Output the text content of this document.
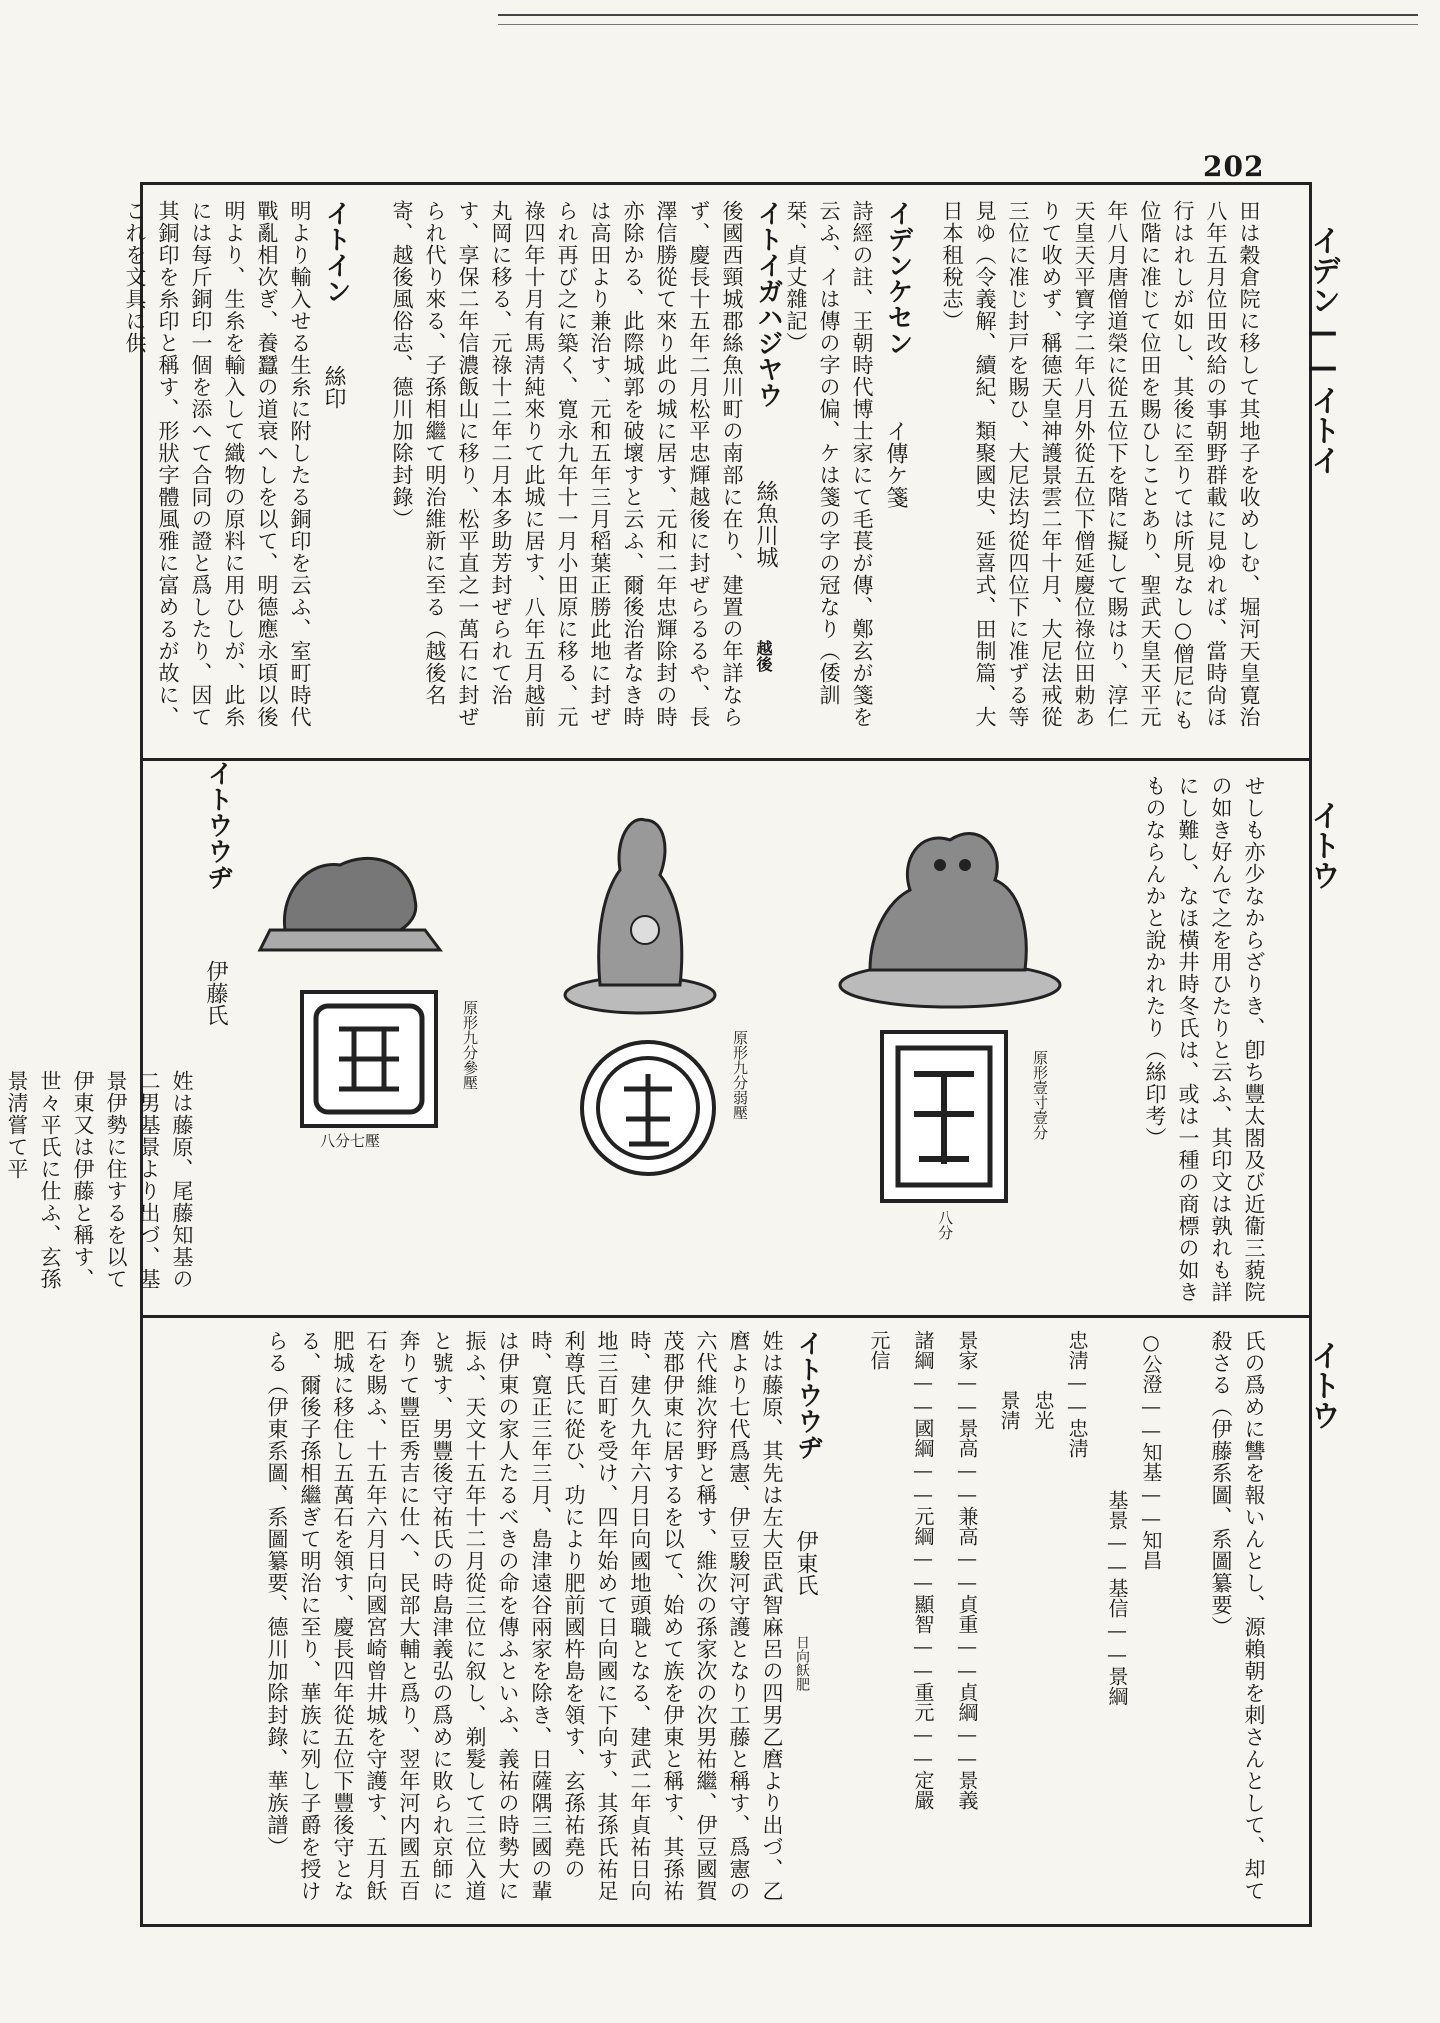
202
イデン——イトイ
イトウ
イトウ
田は穀倉院に移して其地子を收めしむ、堀河天皇寛治八年五月位田改給の事朝野群載に見ゆれば、當時尙ほ行はれしが如し、其後に至りては所見なし○僧尼にも位階に准じて位田を賜ひしことあり、聖武天皇天平元年八月唐僧道榮に從五位下を階に擬して賜はり、淳仁天皇天平寶字二年八月外從五位下僧延慶位祿位田勅ありて收めず、稱德天皇神護景雲二年十月、大尼法戒從三位に准じ封戸を賜ひ、大尼法均從四位下に准ずる等見ゆ（令義解、續紀、類聚國史、延喜式、田制篇、大日本租稅志）
イデンケセン
イ傳ケ箋
詩經の註、王朝時代博士家にて毛萇が傳、鄭玄が箋を云ふ、イは傳の字の偏、ケは箋の字の冠なり（倭訓栞、貞丈雜記）
イトイガハジヤウ
絲魚川城
越後
後國西頸城郡絲魚川町の南部に在り、建置の年詳ならず、慶長十五年二月松平忠輝越後に封ぜらるるや、長澤信勝從て來り此の城に居す、元和二年忠輝除封の時亦除かる、此際城郭を破壞すと云ふ、爾後治者なき時は高田より兼治す、元和五年三月稻葉正勝此地に封ぜられ再び之に築く、寛永九年十一月小田原に移る、元祿四年十月有馬淸純來りて此城に居す、八年五月越前丸岡に移る、元祿十二年二月本多助芳封ぜられて治す、享保二年信濃飯山に移り、松平直之一萬石に封ぜられ代り來る、子孫相繼て明治維新に至る（越後名寄、越後風俗志、德川加除封錄）
イトイン
絲印
明より輸入せる生糸に附したる銅印を云ふ、室町時代戰亂相次ぎ、養蠶の道衰へしを以て、明德應永頃以後明より、生糸を輸入して織物の原料に用ひしが、此糸には每斤銅印一個を添へて合同の證と爲したり、因て其銅印を糸印と稱す、形狀字體風雅に富めるが故に、これを文具に供
せしも亦少なからざりき、卽ち豐太閤及び近衞三藐院の如き好んで之を用ひたりと云ふ、其印文は孰れも詳にし難し、なほ橫井時冬氏は、或は一種の商標の如きものならんかと說かれたり（絲印考）
原形壹寸壹分
八分
原形九分弱壓
原形九分參壓
八分七壓
イトウウヂ
伊藤氏
姓は藤原、尾藤知基の二男基景より出づ、基景伊勢に住するを以て伊東又は伊藤と稱す、世々平氏に仕ふ、玄孫景淸嘗て平
氏の爲めに讐を報いんとし、源賴朝を刺さんとして、却て殺さる（伊藤系圖、系圖纂要）
○公澄——知基——知昌
　　　　　　　　基景——基信——景綱
忠淸——忠淸
　　　忠光
　　　景淸
景家——景高——兼高——貞重——貞綱——景義
諸綱——國綱——元綱——顯智——重元——定嚴
元信
イトウウヂ
伊東氏
日向飫肥
姓は藤原、其先は左大臣武智麻呂の四男乙麿より出づ、乙麿より七代爲憲、伊豆駿河守護となり工藤と稱す、爲憲の六代維次狩野と稱す、維次の孫家次の次男祐繼、伊豆國賀茂郡伊東に居するを以て、始めて族を伊東と稱す、其孫祐時、建久九年六月日向國地頭職となる、建武二年貞祐日向地三百町を受け、四年始めて日向國に下向す、其孫氏祐足利尊氏に從ひ、功により肥前國杵島を領す、玄孫祐堯の時、寛正三年三月、島津遠谷兩家を除き、日薩隅三國の輩は伊東の家人たるべきの命を傳ふといふ、義祐の時勢大に振ふ、天文十五年十二月從三位に叙し、剃髮して三位入道と號す、男豐後守祐氏の時島津義弘の爲めに敗られ京師に奔りて豐臣秀吉に仕へ、民部大輔と爲り、翌年河内國五百石を賜ふ、十五年六月日向國宮崎曾井城を守護す、五月飫肥城に移住し五萬石を領す、慶長四年從五位下豐後守となる、爾後子孫相繼ぎて明治に至り、華族に列し子爵を授けらる（伊東系圖、系圖纂要、德川加除封錄、華族譜）
